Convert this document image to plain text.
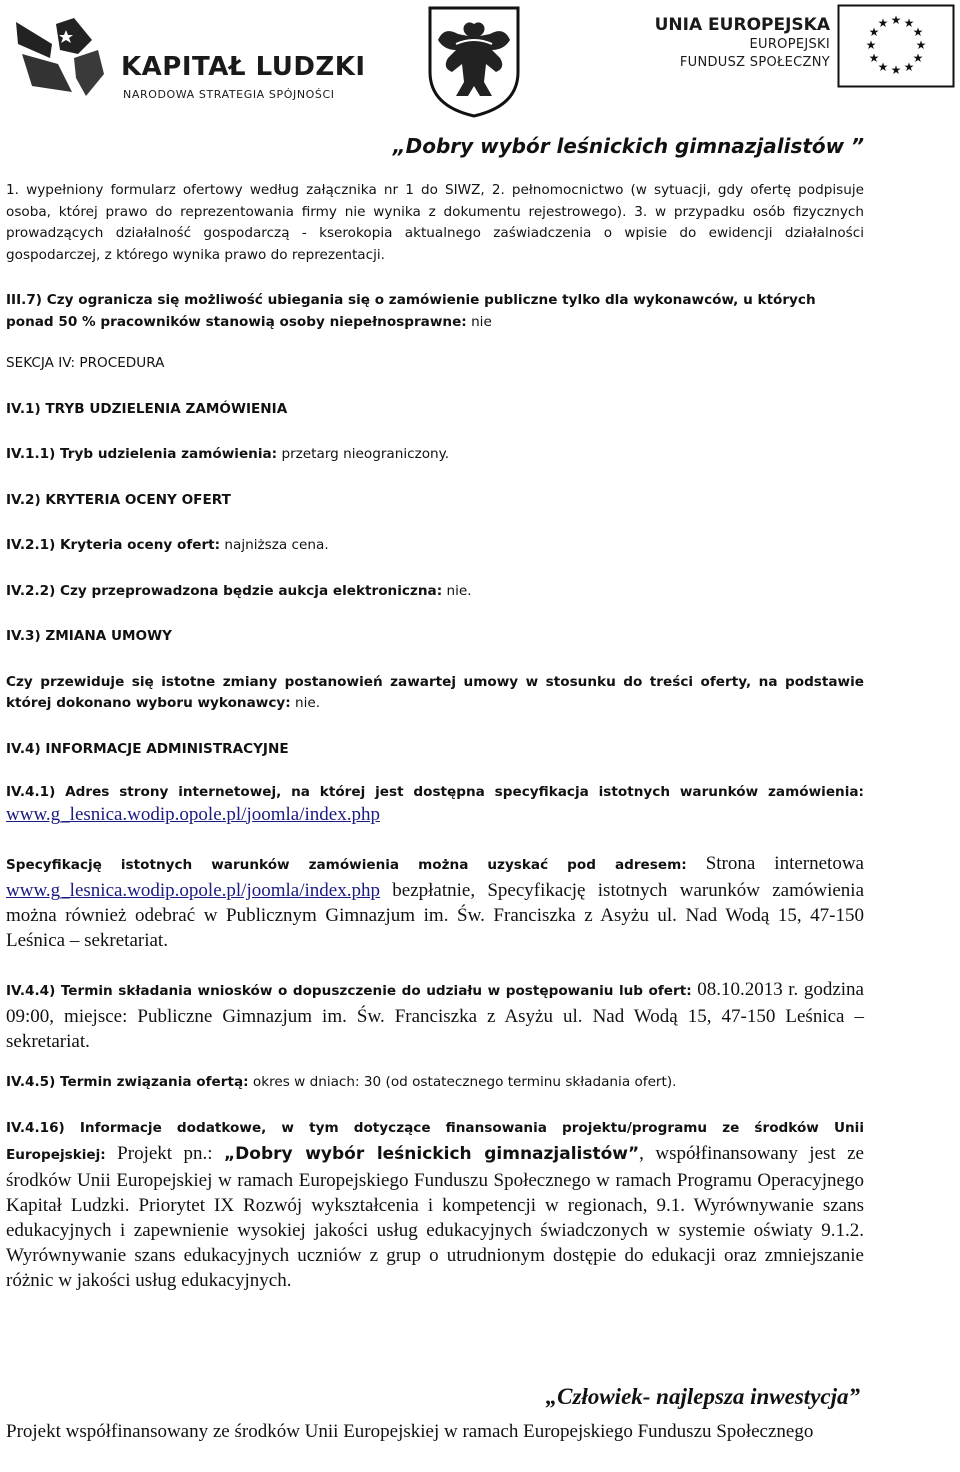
KAPITAŁ LUDZKI
NARODOWA STRATEGIA SPÓJNOŚCI
UNIA EUROPEJSKA
EUROPEJSKI
FUNDUSZ SPOŁECZNY
★ ★
★
★
★
★
★
★
★
★
★
★
„Dobry wybór leśnickich gimnazjalistów ”

1. wypełniony formularz ofertowy według załącznika nr 1 do SIWZ, 2. pełnomocnictwo (w sytuacji, gdy ofertę podpisuje osoba, której prawo do reprezentowania firmy nie wynika z dokumentu rejestrowego). 3. w przypadku osób fizycznych prowadzących działalność gospodarczą - kserokopia aktualnego zaświadczenia o wpisie do ewidencji działalności gospodarczej, z którego wynika prawo do reprezentacji.

III.7) Czy ogranicza się możliwość ubiegania się o zamówienie publiczne tylko dla wykonawców, u których ponad 50 % pracowników stanowią osoby niepełnosprawne: nie

SEKCJA IV: PROCEDURA

IV.1) TRYB UDZIELENIA ZAMÓWIENIA

IV.1.1) Tryb udzielenia zamówienia: przetarg nieograniczony.

IV.2) KRYTERIA OCENY OFERT

IV.2.1) Kryteria oceny ofert: najniższa cena.

IV.2.2) Czy przeprowadzona będzie aukcja elektroniczna: nie.

IV.3) ZMIANA UMOWY

Czy przewiduje się istotne zmiany postanowień zawartej umowy w stosunku do treści oferty, na podstawie której dokonano wyboru wykonawcy: nie.

IV.4) INFORMACJE ADMINISTRACYJNE

IV.4.1) Adres strony internetowej, na której jest dostępna specyfikacja istotnych warunków zamówienia: www.g_lesnica.wodip.opole.pl/joomla/index.php

Specyfikację istotnych warunków zamówienia można uzyskać pod adresem: Strona internetowa www.g_lesnica.wodip.opole.pl/joomla/index.php bezpłatnie, Specyfikację istotnych warunków zamówienia można również odebrać w Publicznym Gimnazjum im. Św. Franciszka z Asyżu ul. Nad Wodą 15, 47-150 Leśnica – sekretariat.

IV.4.4) Termin składania wniosków o dopuszczenie do udziału w postępowaniu lub ofert: 08.10.2013 r. godzina 09:00, miejsce: Publiczne Gimnazjum im. Św. Franciszka z Asyżu ul. Nad Wodą 15, 47-150 Leśnica – sekretariat.

IV.4.5) Termin związania ofertą: okres w dniach: 30 (od ostatecznego terminu składania ofert).

IV.4.16) Informacje dodatkowe, w tym dotyczące finansowania projektu/programu ze środków Unii Europejskiej: Projekt pn.: „Dobry wybór leśnickich gimnazjalistów”, współfinansowany jest ze środków Unii Europejskiej w ramach Europejskiego Funduszu Społecznego w ramach Programu Operacyjnego Kapitał Ludzki. Priorytet IX Rozwój wykształcenia i kompetencji w regionach, 9.1. Wyrównywanie szans edukacyjnych i zapewnienie wysokiej jakości usług edukacyjnych świadczonych w systemie oświaty 9.1.2. Wyrównywanie szans edukacyjnych uczniów z grup o utrudnionym dostępie do edukacji oraz zmniejszanie różnic w jakości usług edukacyjnych.

„Człowiek- najlepsza inwestycja”
Projekt współfinansowany ze środków Unii Europejskiej w ramach Europejskiego Funduszu Społecznego
